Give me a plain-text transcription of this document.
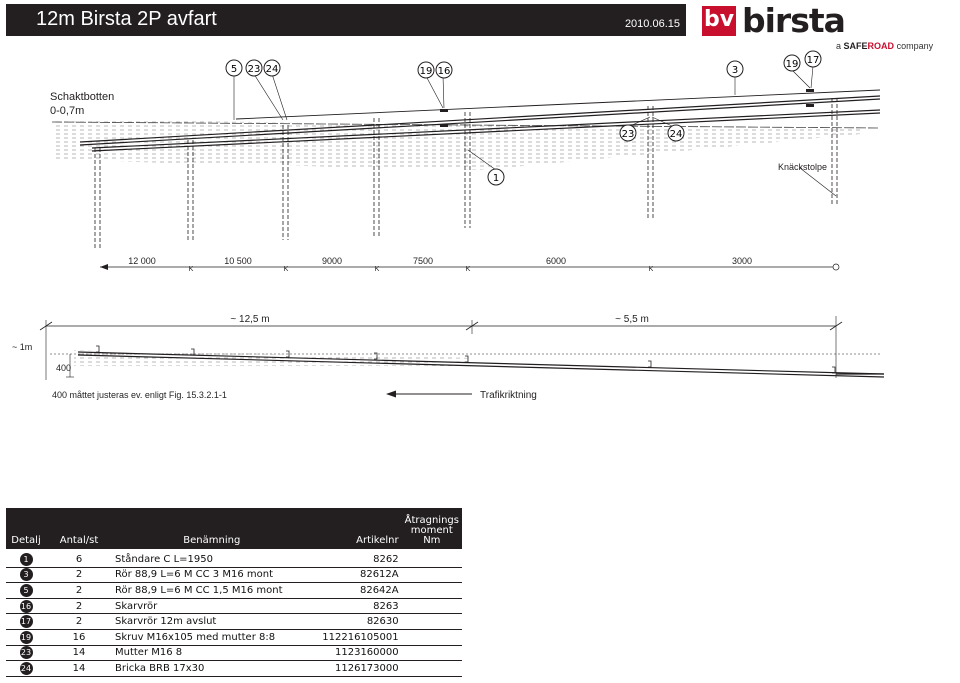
12m Birsta 2P avfart	2010.06.15 bv birsta
a SAFEROAD company
5 23 24	19 16	3
19 17
23	24
1
Schaktbotten
0-0,7m
Knäckstolpe
12 000	10 500	9000	7500	6000	3000
K	K	K	K	K
~ 12,5 m	~ 5,5 m
~ 1m
400
400 måttet justeras ev. enligt Fig. 15.3.2.1-1	Trafikriktning
Detalj	Antal/st	Benämning	Artikelnr	Åtragnings
moment
Nm
1	6	Ståndare C L=1950	8262	
3	2	Rör 88,9 L=6 M CC 3 M16 mont	82612A	
5	2	Rör 88,9 L=6 M CC 1,5 M16 mont	82642A	
16	2	Skarvrör	8263	
17	2	Skarvrör 12m avslut	82630	
19	16	Skruv M16x105 med mutter 8:8	112216105001	
23	14	Mutter M16 8	1123160000	
24	14	Bricka BRB 17x30	1126173000	
